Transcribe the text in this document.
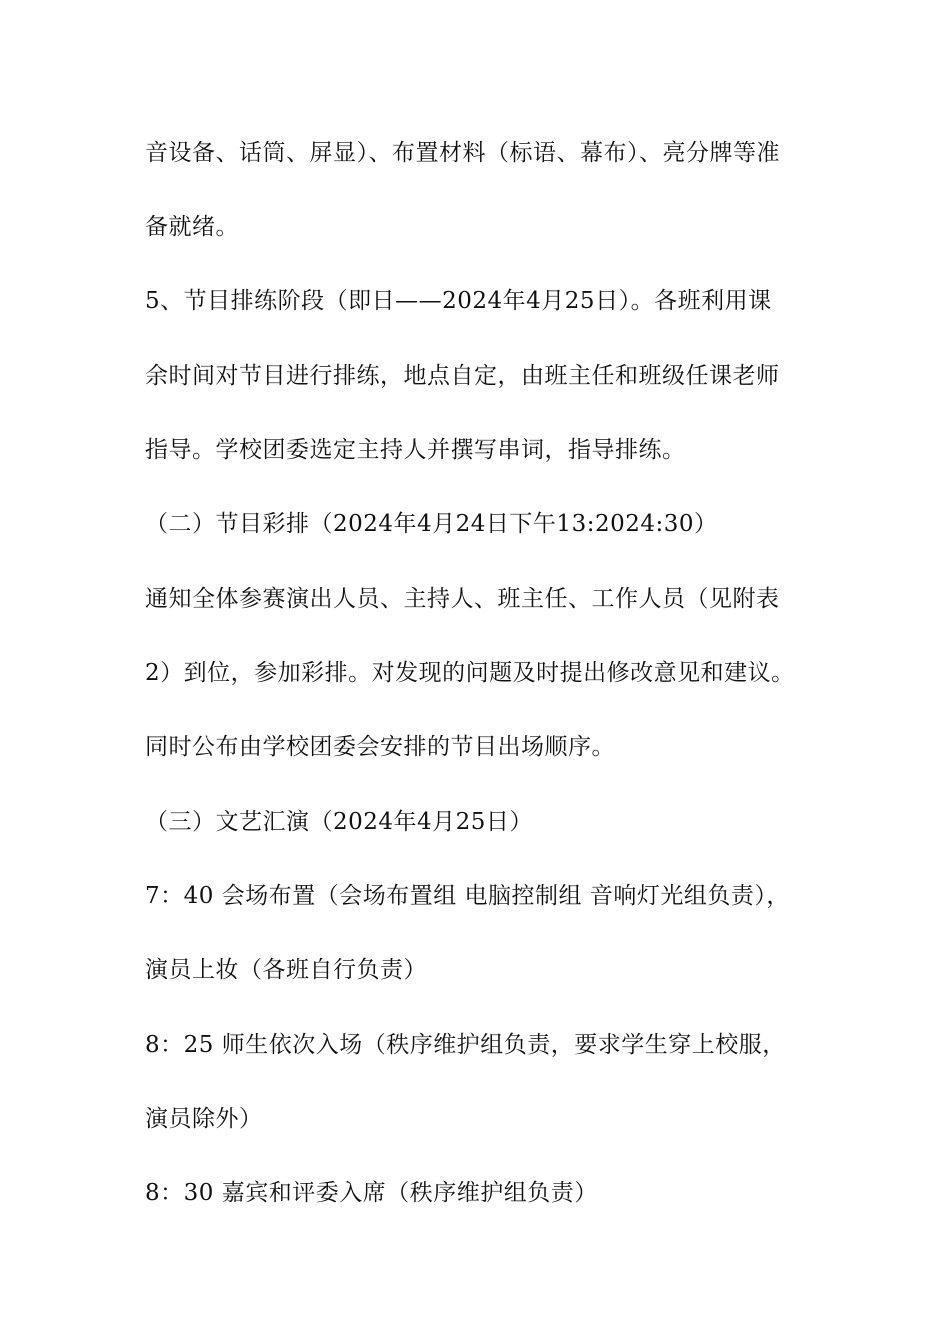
音设备、话筒、屏显）、布置材料（标语、幕布）、亮分牌等准
备就绪。
5、节目排练阶段（即日——2024年4月25日）。各班利用课
余时间对节目进行排练，地点自定，由班主任和班级任课老师
指导。学校团委选定主持人并撰写串词，指导排练。
（二）节目彩排（2024年4月24日下午13:2024:30）
通知全体参赛演出人员、主持人、班主任、工作人员（见附表
2）到位，参加彩排。对发现的问题及时提出修改意见和建议。
同时公布由学校团委会安排的节目出场顺序。
（三）文艺汇演（2024年4月25日）
7：40 会场布置（会场布置组 电脑控制组 音响灯光组负责），
演员上妆（各班自行负责）
8：25 师生依次入场（秩序维护组负责，要求学生穿上校服，
演员除外）
8：30 嘉宾和评委入席（秩序维护组负责）
